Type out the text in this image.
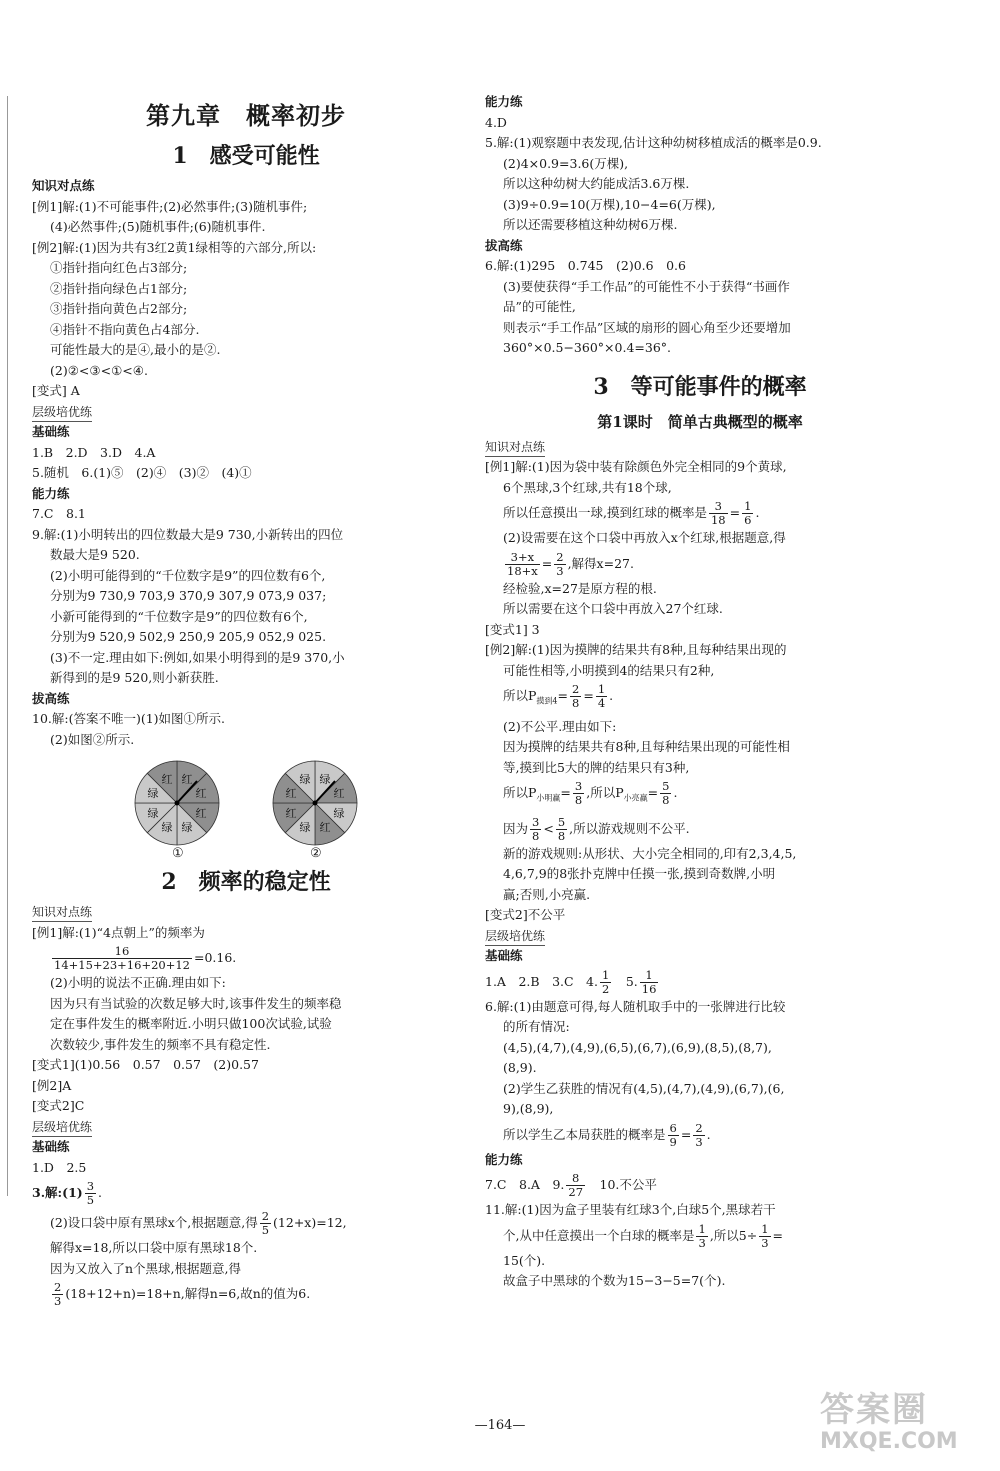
第九章　概率初步
1　感受可能性
知识对点练
[例1]解:(1)不可能事件;(2)必然事件;(3)随机事件;
(4)必然事件;(5)随机事件;(6)随机事件.
[例2]解:(1)因为共有3红2黄1绿相等的六部分,所以:
①指针指向红色占3部分;
②指针指向绿色占1部分;
③指针指向黄色占2部分;
④指针不指向黄色占4部分.
可能性最大的是④,最小的是②.
(2)②<③<①<④.
[变式] A
层级培优练
基础练
1.B　2.D　3.D　4.A
5.随机　6.(1)⑤　(2)④　(3)②　(4)①
能力练
7.C　8.1
9.解:(1)小明转出的四位数最大是9 730,小新转出的四位
数最大是9 520.
(2)小明可能得到的“千位数字是9”的四位数有6个,
分别为9 730,9 703,9 370,9 307,9 073,9 037;
小新可能得到的“千位数字是9”的四位数有6个,
分别为9 520,9 502,9 250,9 205,9 052,9 025.
(3)不一定.理由如下:例如,如果小明得到的是9 370,小
新得到的是9 520,则小新获胜.
拔高练
10.解:(答案不唯一)(1)如图①所示.
(2)如图②所示.
红
红
红
绿
绿
绿
绿
红	绿
红
绿
红
绿
红
红
绿
①	②
2　频率的稳定性
知识对点练
[例1]解:(1)“4点朝上”的频率为
$\frac{16}{14+15+23+16+20+12} =0.16$.
(2)小明的说法不正确.理由如下:
因为只有当试验的次数足够大时,该事件发生的频率稳
定在事件发生的概率附近.小明只做100次试验,试验
次数较少,事件发生的频率不具有稳定性.
[变式1](1)0.56　0.57　0.57　(2)0.57
[例2]A
[变式2]C
层级培优练
基础练
1.D　2.5
3.解:(1) $\frac{3}{5}$ .
(2)设口袋中原有黑球x个,根据题意,得 $\frac{2}{5} (12+x)=12$,
解得x=18,所以口袋中原有黑球18个.
因为又放入了n个黑球,根据题意,得
$\frac{2}{3} (18+12+n)=18+n$,解得n=6,故n的值为6.
能力练
4.D
5.解:(1)观察题中表发现,估计这种幼树移植成活的概率是0.9.
(2)4×0.9=3.6(万棵),
所以这种幼树大约能成活3.6万棵.
(3)9÷0.9=10(万棵),10−4=6(万棵),
所以还需要移植这种幼树6万棵.
拔高练
6.解:(1)295　0.745　(2)0.6　0.6
(3)要使获得“手工作品”的可能性不小于获得“书画作
品”的可能性,
则表示“手工作品”区域的扇形的圆心角至少还要增加
360°×0.5−360°×0.4=36°.
3　等可能事件的概率
第1课时　简单古典概型的概率
知识对点练
[例1]解:(1)因为袋中装有除颜色外完全相同的9个黄球,
6个黑球,3个红球,共有18个球,
所以任意摸出一球,摸到红球的概率是 $\frac{3}{18} = \frac{1}{6}$ .
(2)设需要在这个口袋中再放入x个红球,根据题意,得
$\frac{3+x}{18+x} = \frac{2}{3}$ ,解得x=27.
经检验,x=27是原方程的根.
所以需要在这个口袋中再放入27个红球.
[变式1] 3
[例2]解:(1)因为摸牌的结果共有8种,且每种结果出现的
可能性相等,小明摸到4的结果只有2种,
所以$P_{摸到4}= \frac{2}{8} = \frac{1}{4}$ .
(2)不公平.理由如下:
因为摸牌的结果共有8种,且每种结果出现的可能性相
等,摸到比5大的牌的结果只有3种,
所以$P_{小明赢}= \frac{3}{8}$ ,所以$P_{小亮赢}= \frac{5}{8}$ .
因为 $\frac{3}{8} < \frac{5}{8}$ ,所以游戏规则不公平.
新的游戏规则:从形状、大小完全相同的,印有2,3,4,5,
4,6,7,9的8张扑克牌中任摸一张,摸到奇数牌,小明
赢;否则,小亮赢.
[变式2]不公平
层级培优练
基础练
1.A　2.B　3.C　4. $\frac{1}{2}$ 　5. $\frac{1}{16}$
6.解:(1)由题意可得,每人随机取手中的一张牌进行比较
的所有情况:
(4,5),(4,7),(4,9),(6,5),(6,7),(6,9),(8,5),(8,7),
(8,9).
(2)学生乙获胜的情况有(4,5),(4,7),(4,9),(6,7),(6,
9),(8,9),
所以学生乙本局获胜的概率是 $\frac{6}{9} = \frac{2}{3}$ .
能力练
7.C　8.A　9. $\frac{8}{27}$ 　10.不公平
11.解:(1)因为盒子里装有红球3个,白球5个,黑球若干
个,从中任意摸出一个白球的概率是 $\frac{1}{3}$ ,所以$5\div \frac{1}{3}$ =
15(个).
故盒子中黑球的个数为15−3−5=7(个).
—164—	答案圈
MXQE.COM
